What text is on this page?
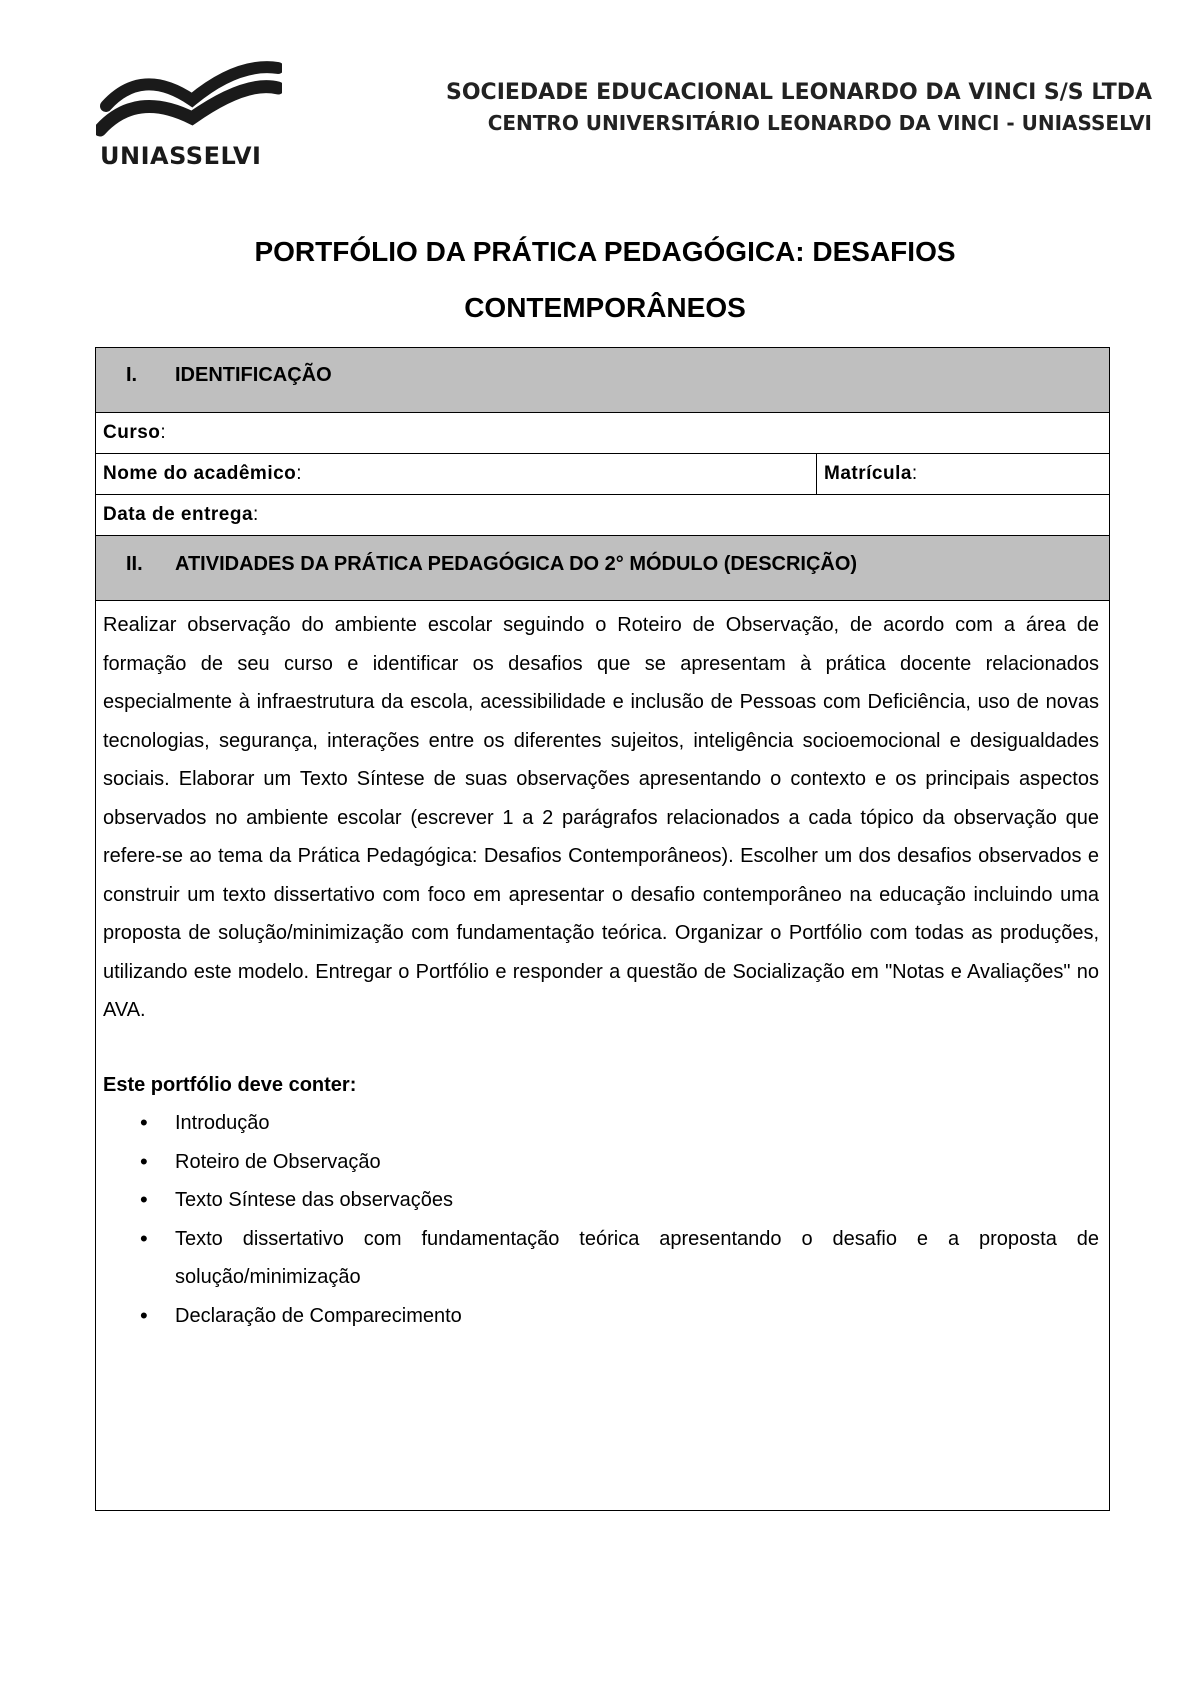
UNIASSELVI
SOCIEDADE EDUCACIONAL LEONARDO DA VINCI S/S LTDA
CENTRO UNIVERSITÁRIO LEONARDO DA VINCI - UNIASSELVI
PORTFÓLIO DA PRÁTICA PEDAGÓGICA: DESAFIOS
CONTEMPORÂNEOS
I. IDENTIFICAÇÃO
Curso:
Nome do acadêmico:	Matrícula:
Data de entrega:
II. ATIVIDADES DA PRÁTICA PEDAGÓGICA DO 2° MÓDULO (DESCRIÇÃO)

Realizar observação do ambiente escolar seguindo o Roteiro de Observação, de acordo com a área de formação de seu curso e identificar os desafios que se apresentam à prática docente relacionados especialmente à infraestrutura da escola, acessibilidade e inclusão de Pessoas com Deficiência, uso de novas tecnologias, segurança, interações entre os diferentes sujeitos, inteligência socioemocional e desigualdades sociais. Elaborar um Texto Síntese de suas observações apresentando o contexto e os principais aspectos observados no ambiente escolar (escrever 1 a 2 parágrafos relacionados a cada tópico da observação que refere-se ao tema da Prática Pedagógica: Desafios Contemporâneos). Escolher um dos desafios observados e construir um texto dissertativo com foco em apresentar o desafio contemporâneo na educação incluindo uma proposta de solução/minimização com fundamentação teórica. Organizar o Portfólio com todas as produções, utilizando este modelo. Entregar o Portfólio e responder a questão de Socialização em "Notas e Avaliações" no AVA.

Este portfólio deve conter:
• Introdução
• Roteiro de Observação
• Texto Síntese das observações
• Texto dissertativo com fundamentação teórica apresentando o desafio e a proposta de solução/minimização
• Declaração de Comparecimento
